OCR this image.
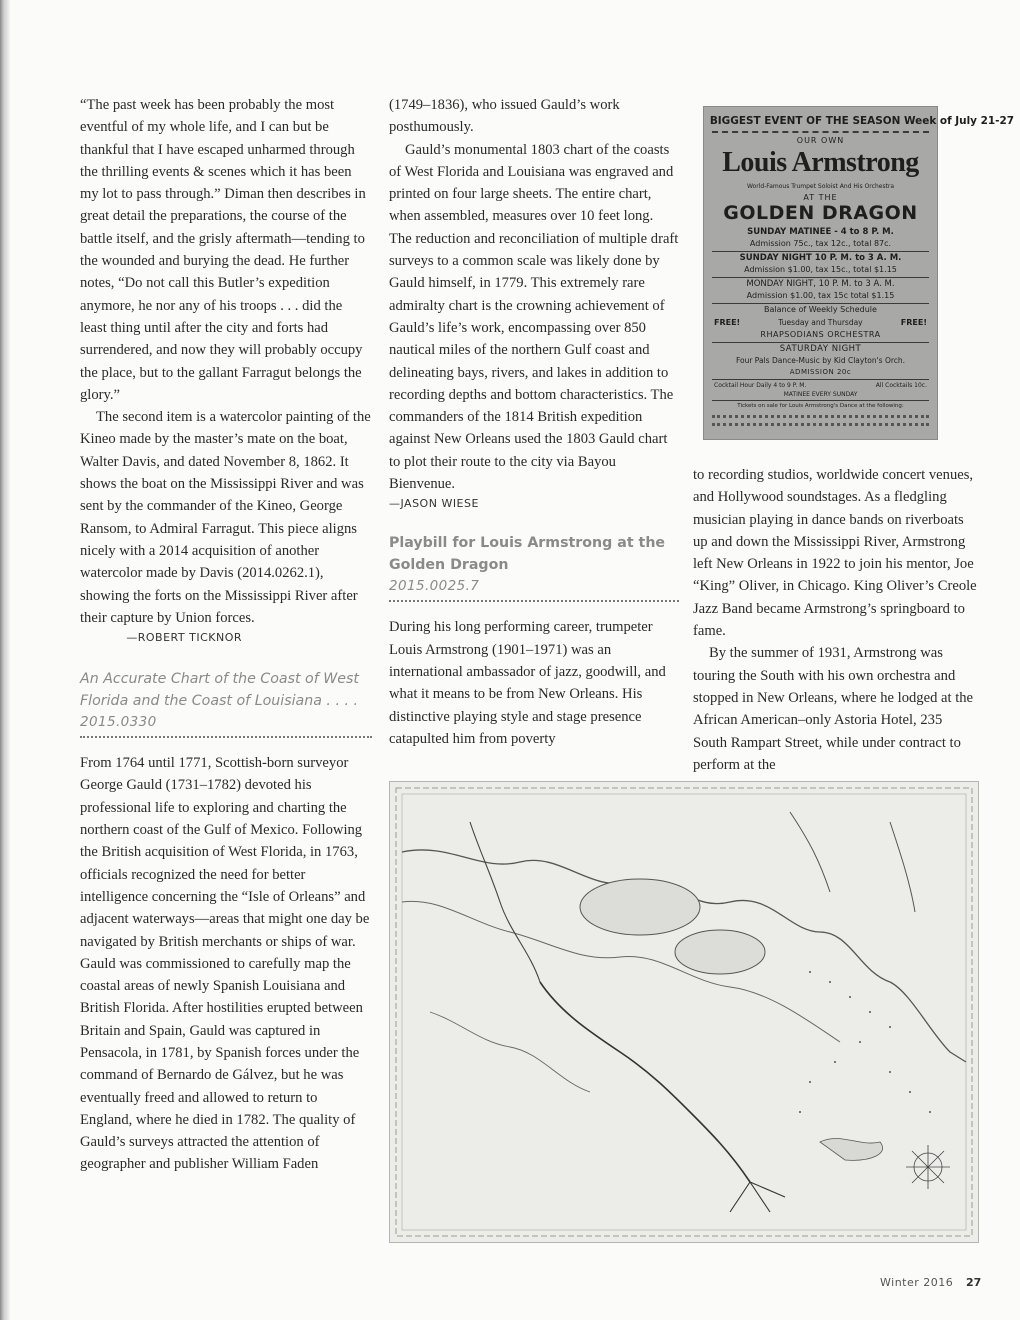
“The past week has been probably the most eventful of my whole life, and I can but be thankful that I have escaped unharmed through the thrilling events & scenes which it has been my lot to pass through.” Diman then describes in great detail the preparations, the course of the battle itself, and the grisly aftermath—tending to the wounded and burying the dead. He further notes, “Do not call this Butler’s expedition anymore, he nor any of his troops . . . did the least thing until after the city and forts had surrendered, and now they will probably occupy the place, but to the gallant Farragut belongs the glory.”

The second item is a watercolor painting of the Kineo made by the master’s mate on the boat, Walter Davis, and dated November 8, 1862. It shows the boat on the Mississippi River and was sent by the commander of the Kineo, George Ransom, to Admiral Farragut. This piece aligns nicely with a 2014 acquisition of another watercolor made by Davis (2014.0262.1), showing the forts on the Mississippi River after their capture by Union forces.

—ROBERT TICKNOR

An Accurate Chart of the Coast of West Florida and the Coast of Louisiana . . . .

2015.0330

From 1764 until 1771, Scottish-born surveyor George Gauld (1731–1782) devoted his professional life to exploring and charting the northern coast of the Gulf of Mexico. Following the British acquisition of West Florida, in 1763, officials recognized the need for better intelligence concerning the “Isle of Orleans” and adjacent waterways—areas that might one day be navigated by British merchants or ships of war. Gauld was commissioned to carefully map the coastal areas of newly Spanish Louisiana and British Florida. After hostilities erupted between Britain and Spain, Gauld was captured in Pensacola, in 1781, by Spanish forces under the command of Bernardo de Gálvez, but he was eventually freed and allowed to return to England, where he died in 1782. The quality of Gauld’s surveys attracted the attention of geographer and publisher William Faden

(1749–1836), who issued Gauld’s work posthumously.

Gauld’s monumental 1803 chart of the coasts of West Florida and Louisiana was engraved and printed on four large sheets. The entire chart, when assembled, measures over 10 feet long. The reduction and reconciliation of multiple draft surveys to a common scale was likely done by Gauld himself, in 1779. This extremely rare admiralty chart is the crowning achievement of Gauld’s life’s work, encompassing over 850 nautical miles of the northern Gulf coast and delineating bays, rivers, and lakes in addition to recording depths and bottom characteristics. The commanders of the 1814 British expedition against New Orleans used the 1803 Gauld chart to plot their route to the city via Bayou Bienvenue.

—JASON WIESE

Playbill for Louis Armstrong at the Golden Dragon

2015.0025.7

During his long performing career, trumpeter Louis Armstrong (1901–1971) was an international ambassador of jazz, goodwill, and what it means to be from New Orleans. His distinctive playing style and stage presence catapulted him from poverty

to recording studios, worldwide concert venues, and Hollywood soundstages. As a fledgling musician playing in dance bands on riverboats up and down the Mississippi River, Armstrong left New Orleans in 1922 to join his mentor, Joe “King” Oliver, in Chicago. King Oliver’s Creole Jazz Band became Armstrong’s springboard to fame.

By the summer of 1931, Armstrong was touring the South with his own orchestra and stopped in New Orleans, where he lodged at the African American–only Astoria Hotel, 235 South Rampart Street, while under contract to perform at the

BIGGEST EVENT OF THE SEASON Week of July 21-27
OUR OWN
Louis Armstrong
World-Famous Trumpet Soloist And His Orchestra
AT THE
GOLDEN DRAGON
SUNDAY MATINEE - 4 to 8 P. M.
Admission 75c., tax 12c., total 87c.
SUNDAY NIGHT 10 P. M. to 3 A. M.
Admission $1.00, tax 15c., total $1.15
MONDAY NIGHT, 10 P. M. to 3 A. M.
Admission $1.00, tax 15c total $1.15
Balance of Weekly Schedule
FREE!	Tuesday and Thursday	FREE!
RHAPSODIANS ORCHESTRA
SATURDAY NIGHT
Four Pals Dance-Music by Kid Clayton's Orch.
ADMISSION 20c
Cocktail Hour Daily 4 to 9 P. M.	All Cocktails 10c.
MATINEE EVERY SUNDAY
Tickets on sale for Louis Armstrong's Dance at the following:
Winter 2016 27
